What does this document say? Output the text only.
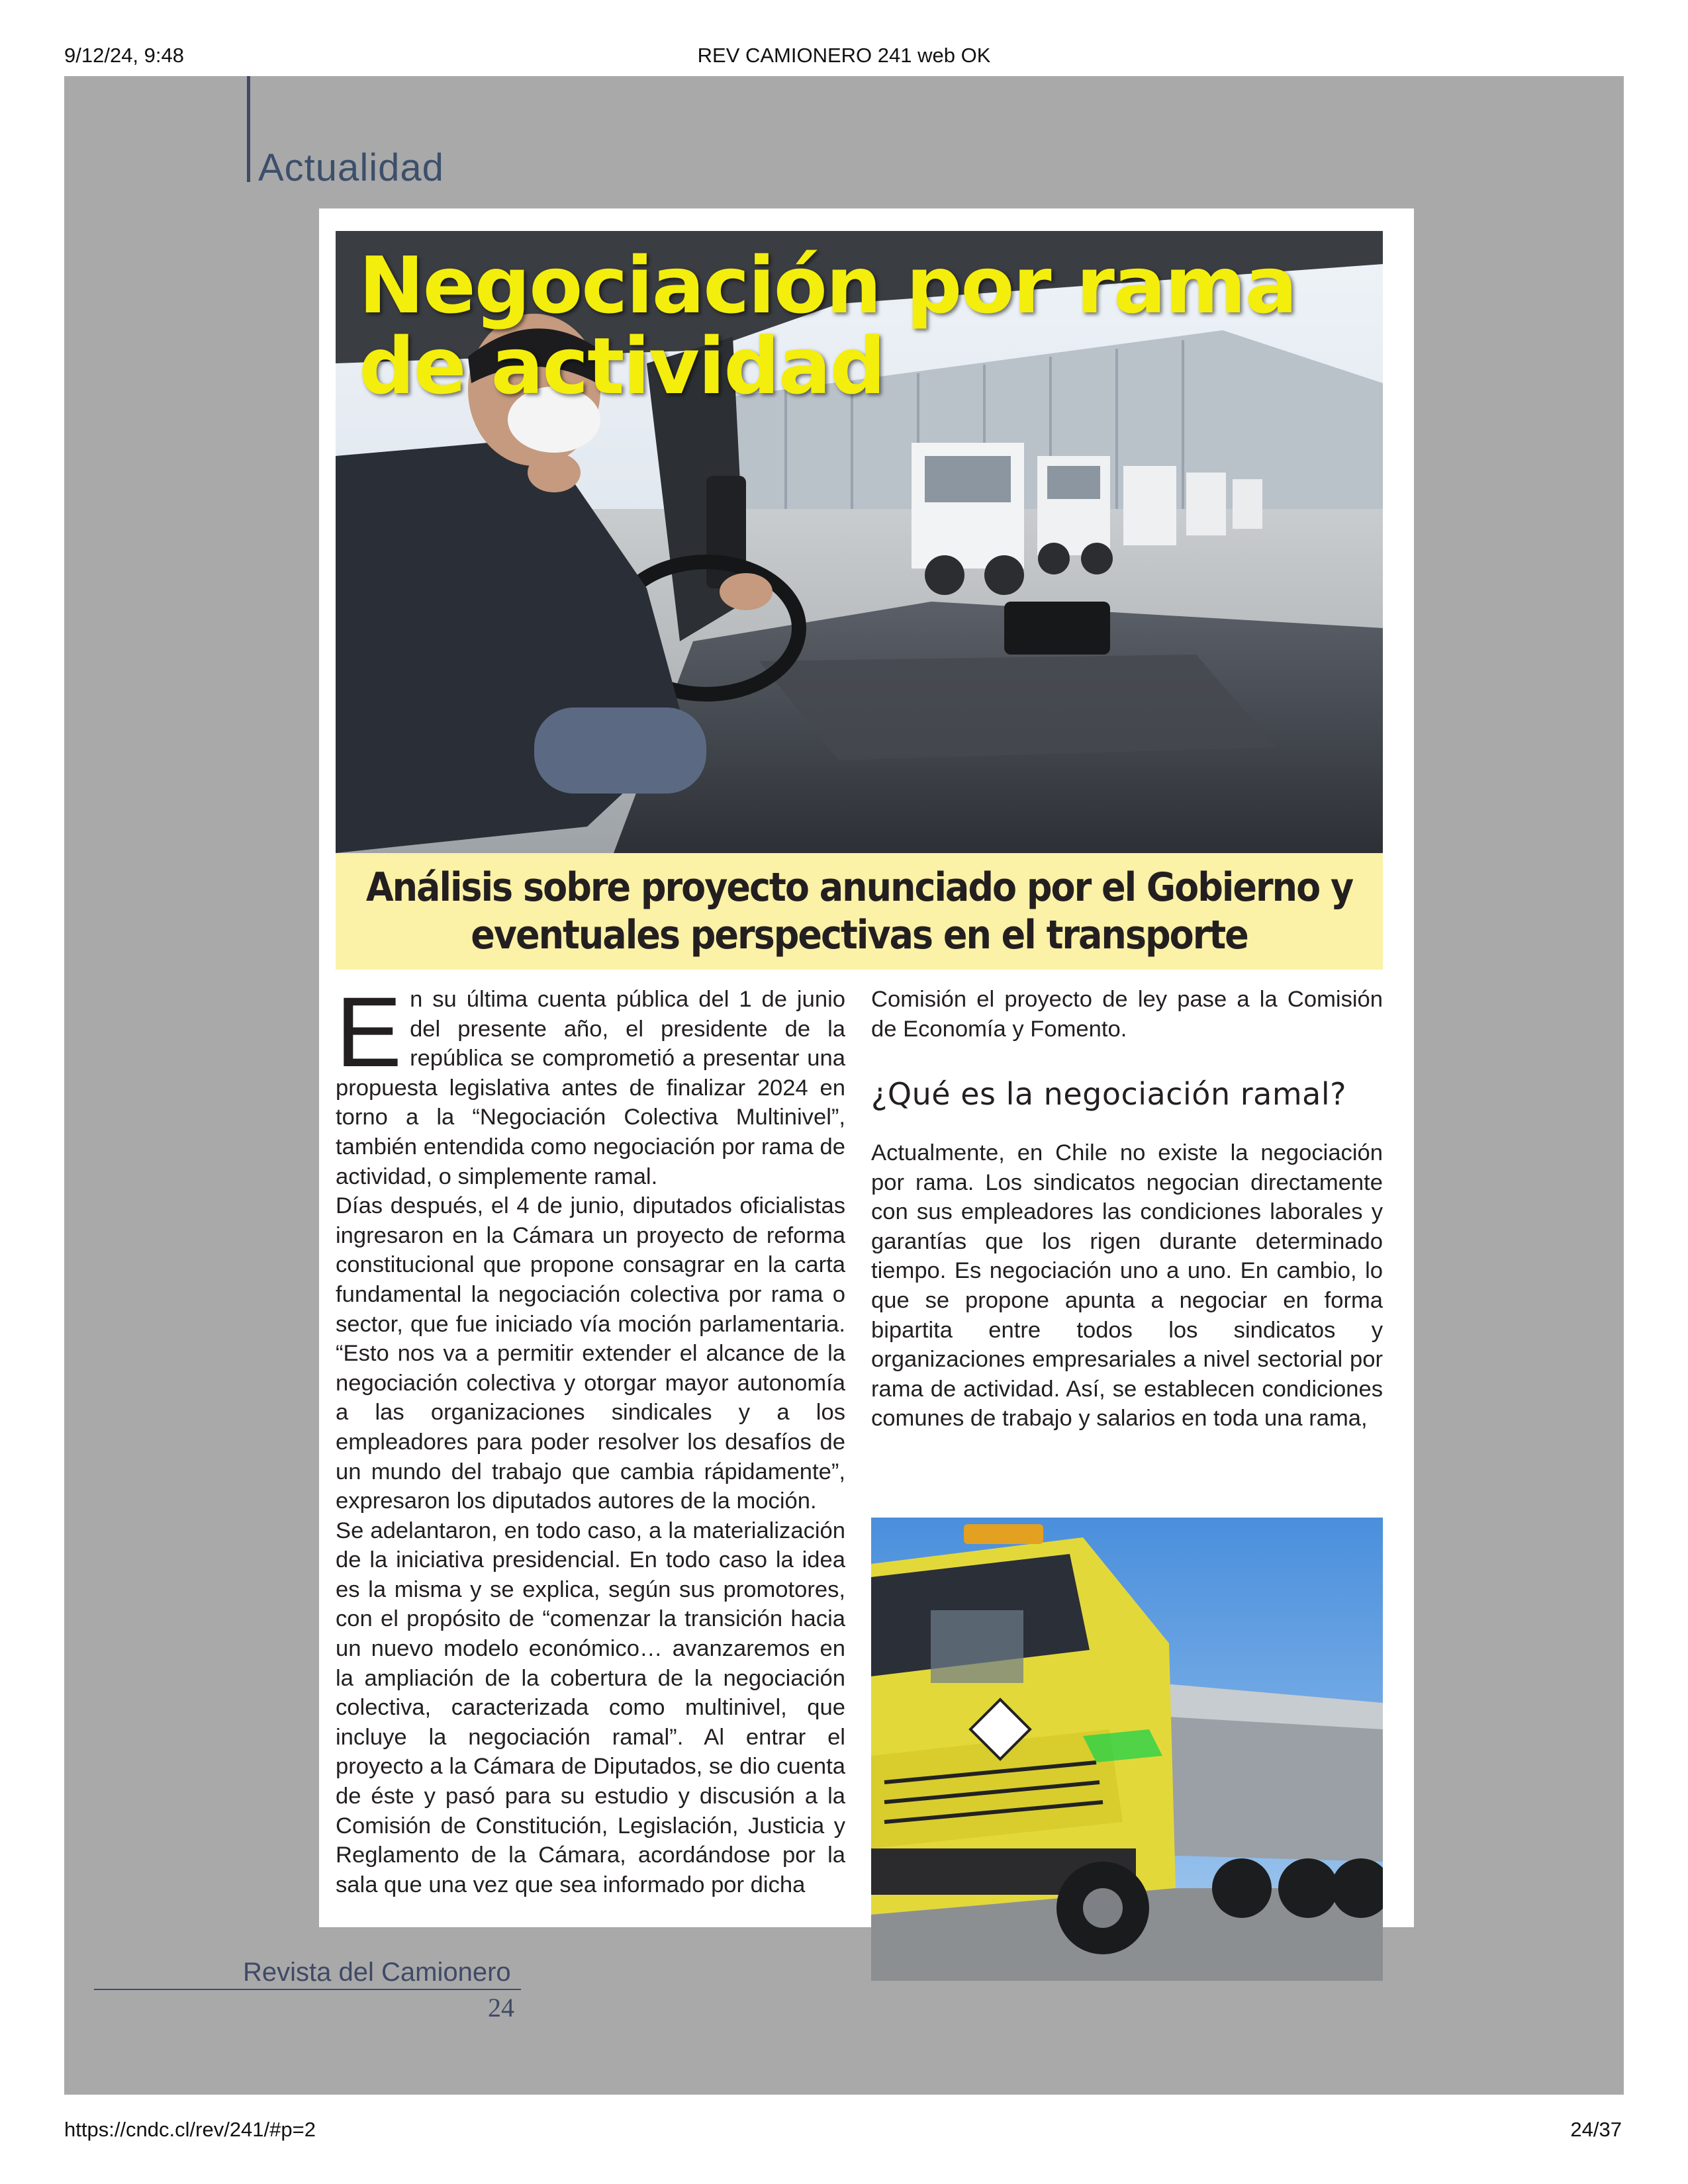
9/12/24, 9:48	REV CAMIONERO 241 web OK
Actualidad
Negociación por rama de actividad
Análisis sobre proyecto anunciado por el Gobierno y eventuales perspectivas en el transporte
E n su última cuenta pública del 1 de junio del presente año, el presidente de la república se comprometió a presentar una propuesta legislativa antes de finalizar 2024 en torno a la “Negociación Colectiva Multinivel”, también entendida como negociación por rama de actividad, o simplemente ramal.

Días después, el 4 de junio, diputados oficialistas ingresaron en la Cámara un proyecto de reforma constitucional que propone consagrar en la carta fundamental la negociación colectiva por rama o sector, que fue iniciado vía moción parlamentaria. “Esto nos va a permitir extender el alcance de la negociación colectiva y otorgar mayor autonomía a las organizaciones sindicales y a los empleadores para poder resolver los desafíos de un mundo del trabajo que cambia rápidamente”, expresaron los diputados autores de la moción.

Se adelantaron, en todo caso, a la materialización de la iniciativa presidencial. En todo caso la idea es la misma y se explica, según sus promotores, con el propósito de “comenzar la transición hacia un nuevo modelo económico… avanzaremos en la ampliación de la cobertura de la negociación colectiva, caracterizada como multinivel, que incluye la negociación ramal”. Al entrar el proyecto a la Cámara de Diputados, se dio cuenta de éste y pasó para su estudio y discusión a la Comisión de Constitución, Legislación, Justicia y Reglamento de la Cámara, acordándose por la sala que una vez que sea informado por dicha

Comisión el proyecto de ley pase a la Comisión de Economía y Fomento.

¿Qué es la negociación ramal?

Actualmente, en Chile no existe la negociación por rama. Los sindicatos negocian directamente con sus empleadores las condiciones laborales y garantías que los rigen durante determinado tiempo. Es negociación uno a uno. En cambio, lo que se propone apunta a negociar en forma bipartita entre todos los sindicatos y organizaciones empresariales a nivel sectorial por rama de actividad. Así, se establecen condiciones comunes de trabajo y salarios en toda una rama,

Revista del Camionero
24
https://cndc.cl/rev/241/#p=2	24/37
